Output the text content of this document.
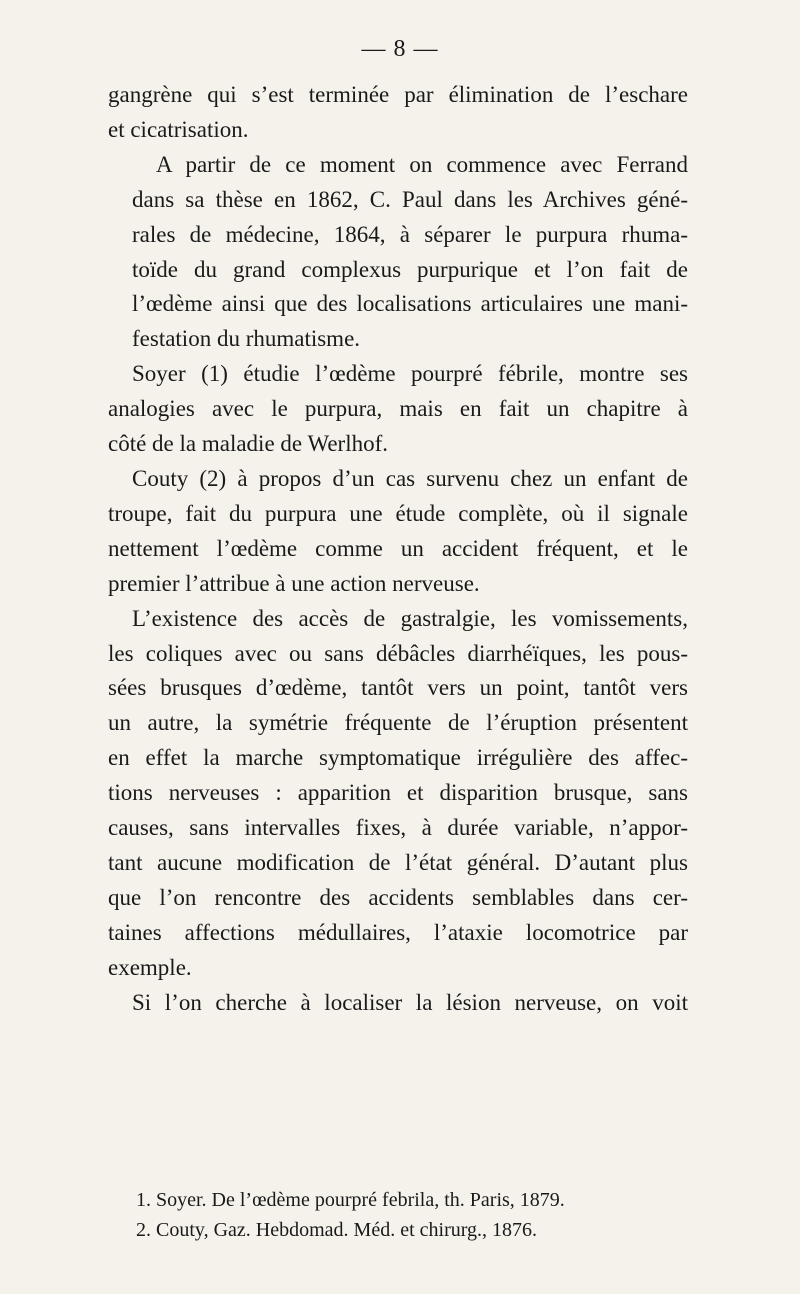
— 8 —

gangrène qui s’est terminée par élimination de l’eschare
et cicatrisation.

A partir de ce moment on commence avec Ferrand
dans sa thèse en 1862, C. Paul dans les Archives géné-
rales de médecine, 1864, à séparer le purpura rhuma-
toïde du grand complexus purpurique et l’on fait de
l’œdème ainsi que des localisations articulaires une mani-
festation du rhumatisme.

Soyer (1) étudie l’œdème pourpré fébrile, montre ses
analogies avec le purpura, mais en fait un chapitre à
côté de la maladie de Werlhof.

Couty (2) à propos d’un cas survenu chez un enfant de
troupe, fait du purpura une étude complète, où il signale
nettement l’œdème comme un accident fréquent, et le
premier l’attribue à une action nerveuse.

L’existence des accès de gastralgie, les vomissements,
les coliques avec ou sans débâcles diarrhéïques, les pous-
sées brusques d’œdème, tantôt vers un point, tantôt vers
un autre, la symétrie fréquente de l’éruption présentent
en effet la marche symptomatique irrégulière des affec-
tions nerveuses : apparition et disparition brusque, sans
causes, sans intervalles fixes, à durée variable, n’appor-
tant aucune modification de l’état général. D’autant plus
que l’on rencontre des accidents semblables dans cer-
taines affections médullaires, l’ataxie locomotrice par
exemple.

Si l’on cherche à localiser la lésion nerveuse, on voit

1. Soyer. De l’œdème pourpré febrila, th. Paris, 1879.
2. Couty, Gaz. Hebdomad. Méd. et chirurg., 1876.
